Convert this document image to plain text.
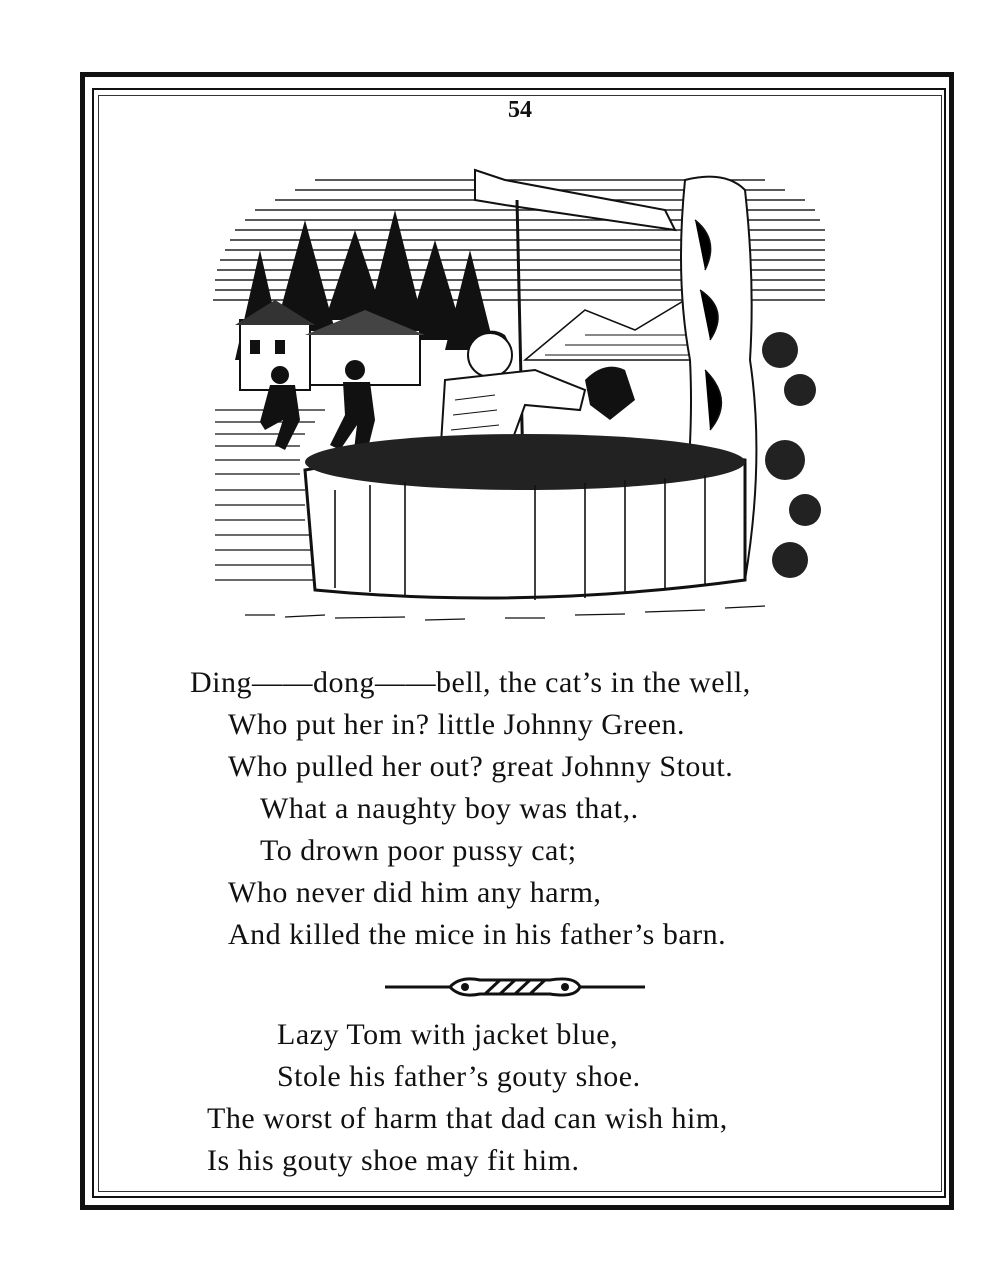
54
Ding——dong——bell, the cat’s in the well,
Who put her in? little Johnny Green.
Who pulled her out? great Johnny Stout.
What a naughty boy was that,.
To drown poor pussy cat;
Who never did him any harm,
And killed the mice in his father’s barn.
Lazy Tom with jacket blue,
Stole his father’s gouty shoe.
The worst of harm that dad can wish him,
Is his gouty shoe may fit him.
